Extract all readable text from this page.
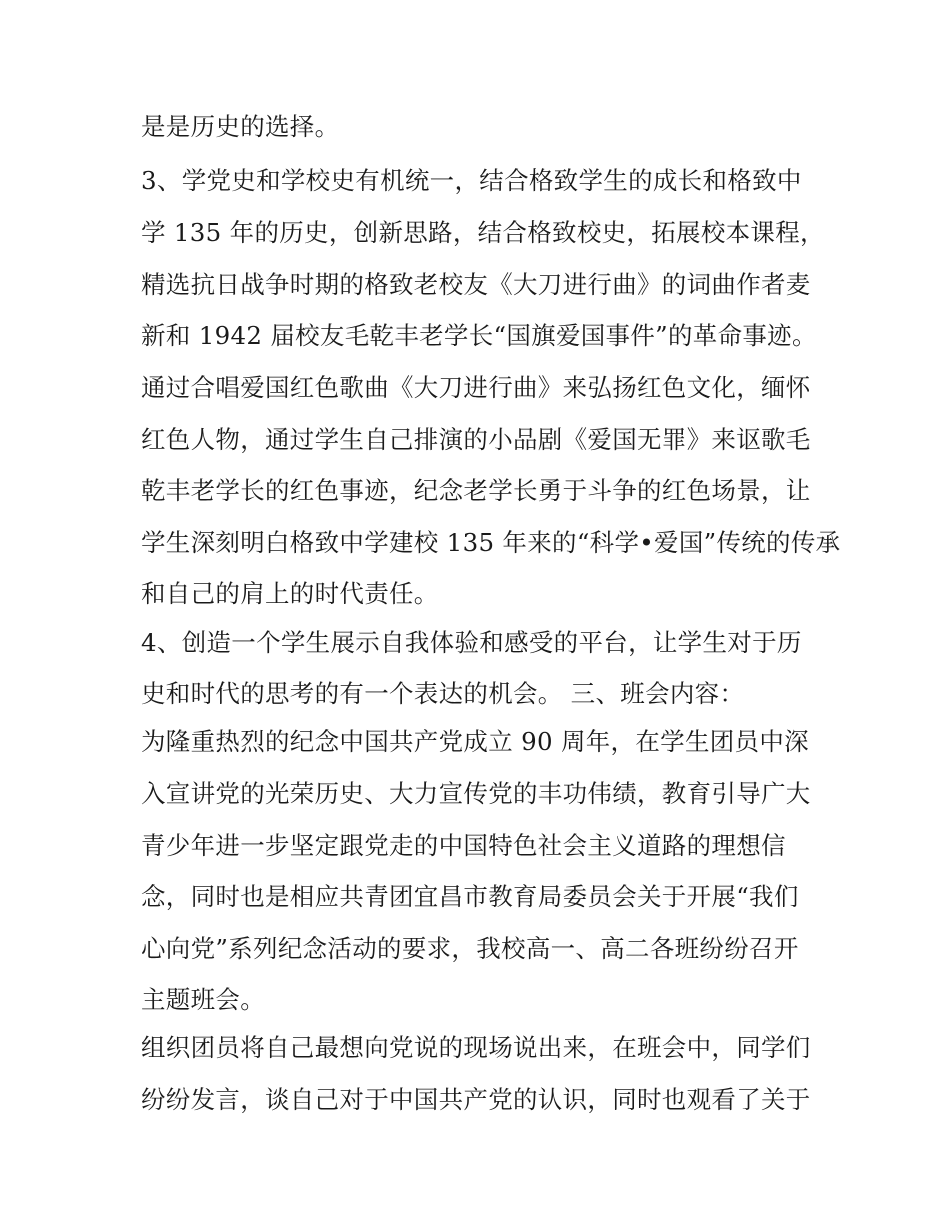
是是历史的选择。
3、学党史和学校史有机统一，结合格致学生的成长和格致中
学 135 年的历史，创新思路，结合格致校史，拓展校本课程，
精选抗日战争时期的格致老校友《大刀进行曲》的词曲作者麦
新和 1942 届校友毛乾丰老学长“国旗爱国事件”的革命事迹。
通过合唱爱国红色歌曲《大刀进行曲》来弘扬红色文化，缅怀
红色人物，通过学生自己排演的小品剧《爱国无罪》来讴歌毛
乾丰老学长的红色事迹，纪念老学长勇于斗争的红色场景，让
学生深刻明白格致中学建校 135 年来的“科学•爱国”传统的传承
和自己的肩上的时代责任。
4、创造一个学生展示自我体验和感受的平台，让学生对于历
史和时代的思考的有一个表达的机会。 三、班会内容：
为隆重热烈的纪念中国共产党成立 90 周年，在学生团员中深
入宣讲党的光荣历史、大力宣传党的丰功伟绩，教育引导广大
青少年进一步坚定跟党走的中国特色社会主义道路的理想信
念，同时也是相应共青团宜昌市教育局委员会关于开展“我们
心向党”系列纪念活动的要求，我校高一、高二各班纷纷召开
主题班会。
组织团员将自己最想向党说的现场说出来，在班会中，同学们
纷纷发言，谈自己对于中国共产党的认识，同时也观看了关于
